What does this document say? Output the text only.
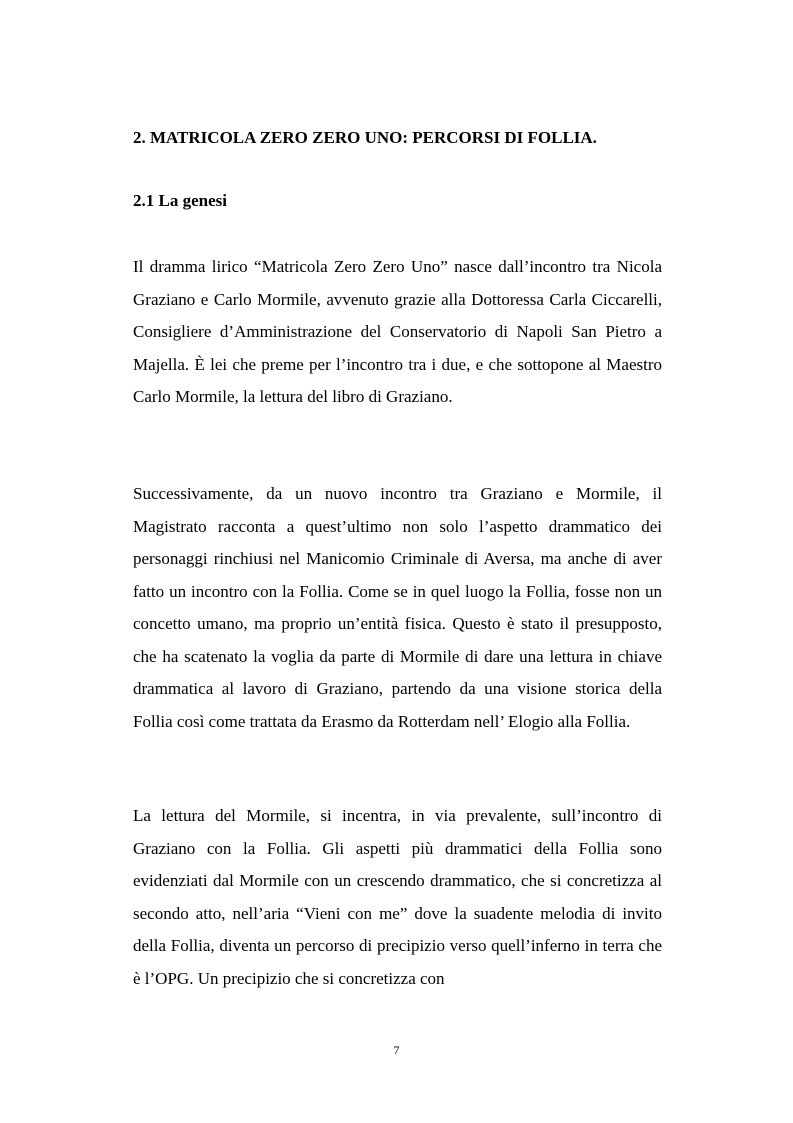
2. MATRICOLA ZERO ZERO UNO: PERCORSI DI FOLLIA.
2.1 La genesi

Il dramma lirico “Matricola Zero Zero Uno” nasce dall’incontro tra Nicola Graziano e Carlo Mormile, avvenuto grazie alla Dottoressa Carla Ciccarelli, Consigliere d’Amministrazione del Conservatorio di Napoli San Pietro a Majella. È lei che preme per l’incontro tra i due, e che sottopone al Maestro Carlo Mormile, la lettura del libro di Graziano.

Successivamente, da un nuovo incontro tra Graziano e Mormile, il Magistrato racconta a quest’ultimo non solo l’aspetto drammatico dei personaggi rinchiusi nel Manicomio Criminale di Aversa, ma anche di aver fatto un incontro con la Follia. Come se in quel luogo la Follia, fosse non un concetto umano, ma proprio un’entità fisica. Questo è stato il presupposto, che ha scatenato la voglia da parte di Mormile di dare una lettura in chiave drammatica al lavoro di Graziano, partendo da una visione storica della Follia così come trattata da Erasmo da Rotterdam nell’ Elogio alla Follia.

La lettura del Mormile, si incentra, in via prevalente, sull’incontro di Graziano con la Follia. Gli aspetti più drammatici della Follia sono evidenziati dal Mormile con un crescendo drammatico, che si concretizza al secondo atto, nell’aria “Vieni con me” dove la suadente melodia di invito della Follia, diventa un percorso di precipizio verso quell’inferno in terra che è l’OPG. Un precipizio che si concretizza con

7
